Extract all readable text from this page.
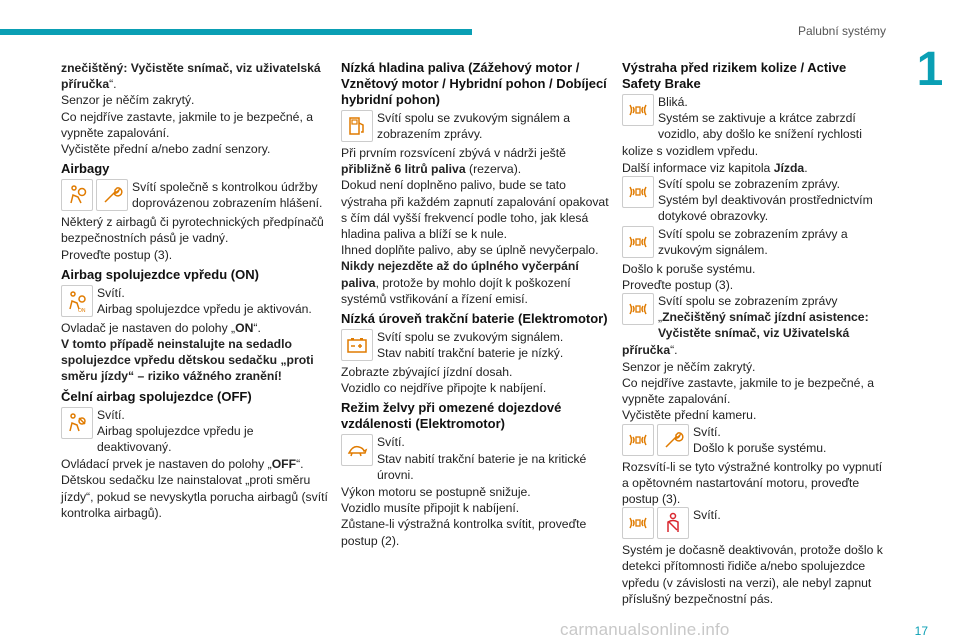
Palubní systémy
1

znečištěný: Vyčistěte snímač, viz uživatelská příručka“.

Senzor je něčím zakrytý.

Co nejdříve zastavte, jakmile to je bezpečné, a vypněte zapalování.

Vyčistěte přední a/nebo zadní senzory.

Airbagy

Svítí společně s kontrolkou údržby doprovázenou zobrazením hlášení.

Některý z airbagů či pyrotechnických předpínačů bezpečnostních pásů je vadný.

Proveďte postup (3).

Airbag spolujezdce vpředu (ON)
ON

Svítí.

Airbag spolujezdce vpředu je aktivován.

Ovladač je nastaven do polohy „ON“.

V tomto případě neinstalujte na sedadlo spolujezdce vpředu dětskou sedačku „proti směru jízdy“ – riziko vážného zranění!

Čelní airbag spolujezdce (OFF)

Svítí.

Airbag spolujezdce vpředu je deaktivovaný.

Ovládací prvek je nastaven do polohy „OFF“.

Dětskou sedačku lze nainstalovat „proti směru jízdy“, pokud se nevyskytla porucha airbagů (svítí kontrolka airbagů).

Nízká hladina paliva (Zážehový motor / Vznětový motor / Hybridní pohon / Dobíjecí hybridní pohon)

Svítí spolu se zvukovým signálem a zobrazením zprávy.

Při prvním rozsvícení zbývá v nádrži ještě
přibližně 6 litrů paliva (rezerva).

Dokud není doplněno palivo, bude se tato výstraha při každém zapnutí zapalování opakovat s čím dál vyšší frekvencí podle toho, jak klesá hladina paliva a blíží se k nule.

Ihned doplňte palivo, aby se úplně nevyčerpalo.

Nikdy nejezděte až do úplného vyčerpání paliva, protože by mohlo dojít k poškození systémů vstřikování a řízení emisí.

Nízká úroveň trakční baterie (Elektromotor)

Svítí spolu se zvukovým signálem.

Stav nabití trakční baterie je nízký.

Zobrazte zbývající jízdní dosah.

Vozidlo co nejdříve připojte k nabíjení.

Režim želvy při omezené dojezdové vzdálenosti (Elektromotor)

Svítí.

Stav nabití trakční baterie je na kritické úrovni.

Výkon motoru se postupně snižuje.

Vozidlo musíte připojit k nabíjení.

Zůstane-li výstražná kontrolka svítit, proveďte postup (2).

Výstraha před rizikem kolize / Active Safety Brake

Bliká.

Systém se zaktivuje a krátce zabrzdí vozidlo, aby došlo ke snížení rychlosti kolize s vozidlem vpředu.

Další informace viz kapitola Jízda.

Svítí spolu se zobrazením zprávy.

Systém byl deaktivován prostřednictvím dotykové obrazovky.

Svítí spolu se zobrazením zprávy a zvukovým signálem.

Došlo k poruše systému.

Proveďte postup (3).

Svítí spolu se zobrazením zprávy „Znečištěný snímač jízdní asistence: Vyčistěte snímač, viz Uživatelská příručka“.

Senzor je něčím zakrytý.

Co nejdříve zastavte, jakmile to je bezpečné, a vypněte zapalování.

Vyčistěte přední kameru.

Svítí.

Došlo k poruše systému.

Rozsvítí-li se tyto výstražné kontrolky po vypnutí a opětovném nastartování motoru, proveďte postup (3).

Svítí.

Systém je dočasně deaktivován, protože došlo k detekci přítomnosti řidiče a/nebo spolujezdce vpředu (v závislosti na verzi), ale nebyl zapnut příslušný bezpečnostní pás.

17
carmanualsonline.info
